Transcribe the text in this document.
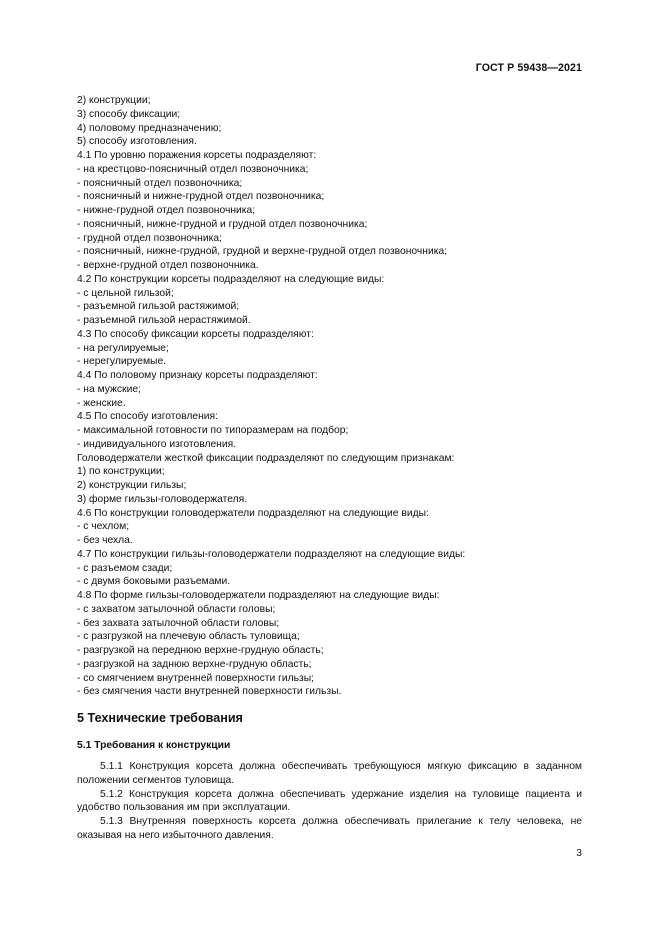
ГОСТ Р 59438—2021
2) конструкции;
3) способу фиксации;
4) половому предназначению;
5) способу изготовления.
4.1 По уровню поражения корсеты подразделяют:
- на крестцово-поясничный отдел позвоночника;
- поясничный отдел позвоночника;
- поясничный и нижне-грудной отдел позвоночника;
- нижне-грудной отдел позвоночника;
- поясничный, нижне-грудной и грудной отдел позвоночника;
- грудной отдел позвоночника;
- поясничный, нижне-грудной, грудной и верхне-грудной отдел позвоночника;
- верхне-грудной отдел позвоночника.
4.2 По конструкции корсеты подразделяют на следующие виды:
- с цельной гильзой;
- разъемной гильзой растяжимой;
- разъемной гильзой нерастяжимой.
4.3 По способу фиксации корсеты подразделяют:
- на регулируемые;
- нерегулируемые.
4.4 По половому признаку корсеты подразделяют:
- на мужские;
- женские.
4.5 По способу изготовления:
- максимальной готовности по типоразмерам на подбор;
- индивидуального изготовления.
Головодержатели жесткой фиксации подразделяют по следующим признакам:
1) по конструкции;
2) конструкции гильзы;
3) форме гильзы-головодержателя.
4.6 По конструкции головодержатели подразделяют на следующие виды:
- с чехлом;
- без чехла.
4.7 По конструкции гильзы-головодержатели подразделяют на следующие виды:
- с разъемом сзади;
- с двумя боковыми разъемами.
4.8 По форме гильзы-головодержатели подразделяют на следующие виды:
- с захватом затылочной области головы;
- без захвата затылочной области головы;
- с разгрузкой на плечевую область туловища;
- разгрузкой на переднюю верхне-грудную область;
- разгрузкой на заднюю верхне-грудную область;
- со смягчением внутренней поверхности гильзы;
- без смягчения части внутренней поверхности гильзы.
5 Технические требования
5.1 Требования к конструкции
5.1.1 Конструкция корсета должна обеспечивать требующуюся мягкую фиксацию в заданном положении сегментов туловища.
5.1.2 Конструкция корсета должна обеспечивать удержание изделия на туловище пациента и удобство пользования им при эксплуатации.
5.1.3 Внутренняя поверхность корсета должна обеспечивать прилегание к телу человека, не оказывая на него избыточного давления.
3
